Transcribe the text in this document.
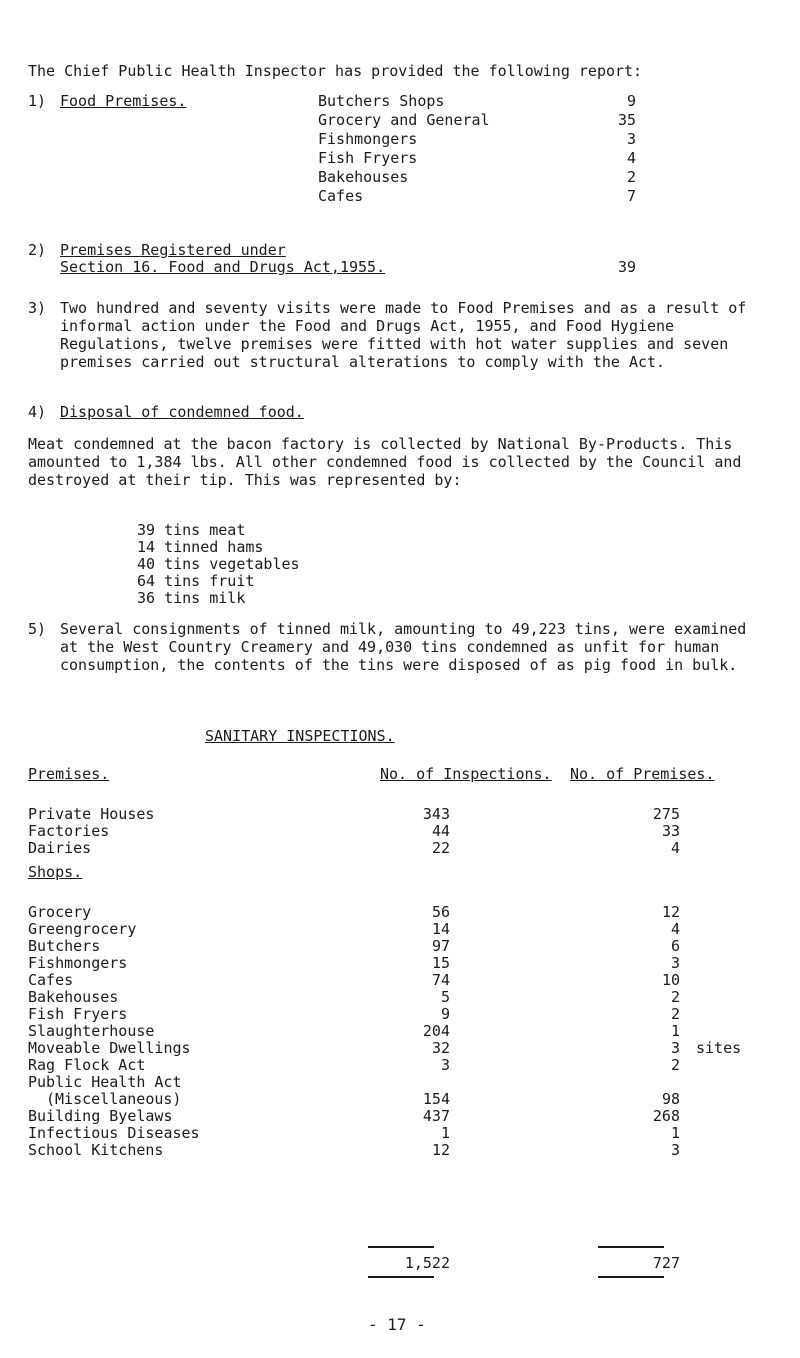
The Chief Public Health Inspector has provided the following report:
1) Food Premises.	Butchers Shops	9
Grocery and General	35
Fishmongers	3
Fish Fryers	4
Bakehouses	2
Cafes	7
2) Premises Registered under
Section 16. Food and Drugs Act,1955.	39
3) Two hundred and seventy visits were made to Food Premises and as a result of informal action under the Food and Drugs Act, 1955, and Food Hygiene Regulations, twelve premises were fitted with hot water supplies and seven premises carried out structural alterations to comply with the Act.
4) Disposal of condemned food.
Meat condemned at the bacon factory is collected by National By-Products. This amounted to 1,384 lbs. All other condemned food is collected by the Council and destroyed at their tip. This was represented by:
39 tins meat
14 tinned hams
40 tins vegetables
64 tins fruit
36 tins milk
5) Several consignments of tinned milk, amounting to 49,223 tins, were examined at the West Country Creamery and 49,030 tins condemned as unfit for human consumption, the contents of the tins were disposed of as pig food in bulk.
SANITARY INSPECTIONS.
Premises.	No. of Inspections. No. of Premises.
Private Houses	343	275
Factories	44	33
Dairies	22	4
Shops.
Grocery	56	12
Greengrocery	14	4
Butchers	97	6
Fishmongers	15	3
Cafes	74	10
Bakehouses	5	2
Fish Fryers	9	2
Slaughterhouse	204	1
Moveable Dwellings	32	3 sites
Rag Flock Act	3	2
Public Health Act
(Miscellaneous)	154	98
Building Byelaws	437	268
Infectious Diseases	1	1
School Kitchens	12	3
1,522	727
- 17 -
